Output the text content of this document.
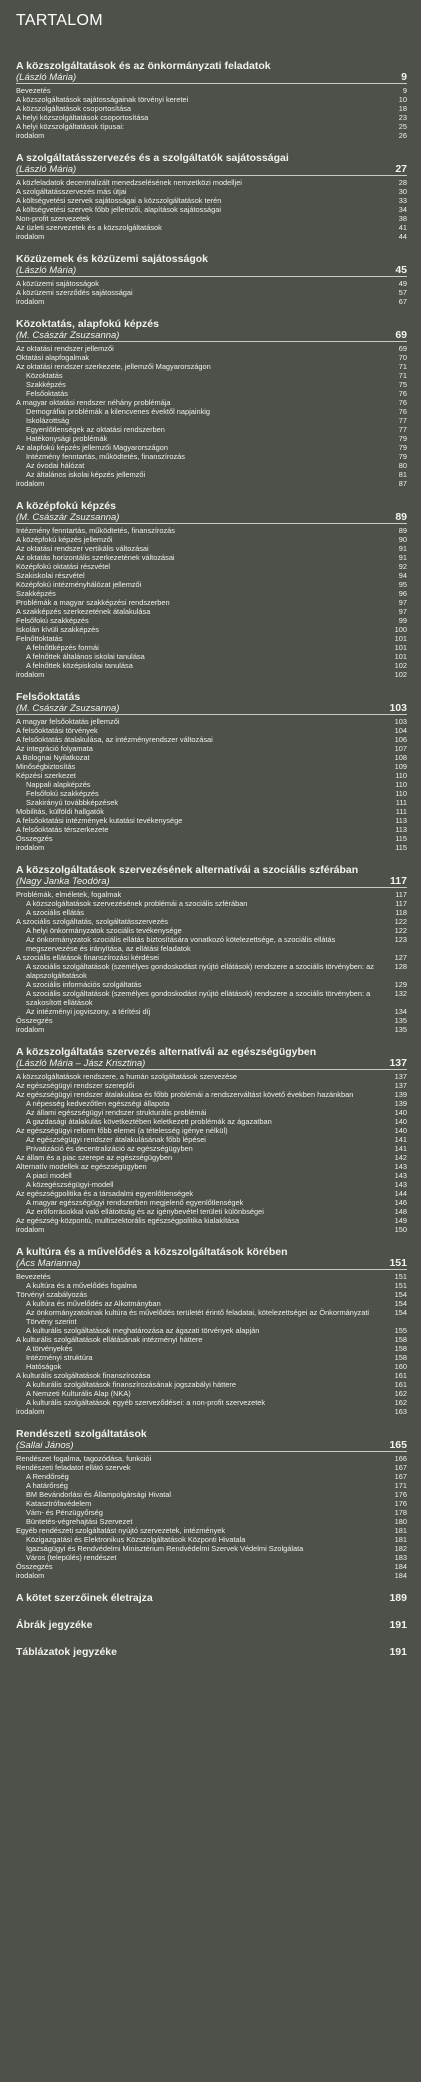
TARTALOM
A közszolgáltatások és az önkormányzati feladatok
(László Mária)	9
Bevezetés	9
A közszolgáltatások sajátosságainak törvényi keretei	10
A közszolgáltatások csoportosítása	18
A helyi közszolgáltatások csoportosítása	23
A helyi közszolgáltatások típusai:	25
irodalom	26
A szolgáltatásszervezés és a szolgáltatók sajátosságai
(László Mária)	27
A közfeladatok decentralizált menedzselésének nemzetközi modelljei	28
A szolgáltatásszervezés más útjai	30
A költségvetési szervek sajátosságai a közszolgáltatások terén	33
A költségvetési szervek főbb jellemzői, alapítások sajátosságai	34
Non-profit szervezetek	38
Az üzleti szervezetek és a közszolgáltatások	41
irodalom	44
Közüzemek és közüzemi sajátosságok
(László Mária)	45
A közüzemi sajátosságok	49
A közüzemi szerződés sajátosságai	57
irodalom	67
Közoktatás, alapfokú képzés
(M. Császár Zsuzsanna)	69
Az oktatási rendszer jellemzői	69
Oktatási alapfogalmak	70
Az oktatási rendszer szerkezete, jellemzői Magyarországon	71
Közoktatás	71
Szakképzés	75
Felsőoktatás	76
A magyar oktatási rendszer néhány problémája	76
Demográfiai problémák a kilencvenes évektől napjainkig	76
Iskolázottság	77
Egyenlőtlenségek az oktatási rendszerben	77
Hatékonysági problémák	79
Az alapfokú képzés jellemzői Magyarországon	79
Intézmény fenntartás, működtetés, finanszírozás	79
Az óvodai hálózat	80
Az általános iskolai képzés jellemzői	81
irodalom	87
A középfokú képzés
(M. Császár Zsuzsanna)	89
Intézmény fenntartás, működtetés, finanszírozás	89
A középfokú képzés jellemzői	90
Az oktatási rendszer vertikális változásai	91
Az oktatás horizontális szerkezetének változásai	91
Középfokú oktatási részvétel	92
Szakiskolai részvétel	94
Középfokú intézményhálózat jellemzői	95
Szakképzés	96
Problémák a magyar szakképzési rendszerben	97
A szakképzés szerkezetének átalakulása	97
Felsőfokú szakképzés	99
Iskolán kívüli szakképzés	100
Felnőttoktatás	101
A felnőttképzés formái	101
A felnőttek általános iskolai tanulása	101
A felnőttek középiskolai tanulása	102
irodalom	102
Felsőoktatás
(M. Császár Zsuzsanna)	103
A magyar felsőoktatás jellemzői	103
A felsőoktatási törvények	104
A felsőoktatás átalakulása, az intézményrendszer változásai	106
Az integráció folyamata	107
A Bolognai Nyilatkozat	108
Minőségbiztosítás	109
Képzési szerkezet	110
Nappali alapképzés	110
Felsőfokú szakképzés	110
Szakirányú továbbképzések	111
Mobilitás, külföldi hallgatók	111
A felsőoktatási intézmények kutatási tevékenysége	113
A felsőoktatás térszerkezete	113
Összegzés	115
irodalom	115
A közszolgáltatások szervezésének alternatívái a szociális szférában
(Nagy Janka Teodóra)	117
Problémák, elméletek, fogalmak	117
A közszolgáltatások szervezésének problémái a szociális szférában	117
A szociális ellátás	118
A szociális szolgáltatás, szolgáltatásszervezés	122
A helyi önkormányzatok szociális tevékenysége	122
Az önkormányzatok szociális ellátás biztosítására vonatkozó kötelezettsége, a szociális ellátás megszervezése és irányítása, az ellátási feladatok
123
A szociális ellátások finanszírozási kérdései	127
A szociális szolgáltatások (személyes gondoskodást nyújtó ellátások) rendszere a szociális törvényben: az alapszolgáltatások
128
A szociális információs szolgáltatás	129
A szociális szolgáltatások (személyes gondoskodást nyújtó ellátások) rendszere a szociális törvényben: a szakosított ellátások
132
Az intézményi jogviszony, a térítési díj	134
Összegzés	135
irodalom	135
A közszolgáltatás szervezés alternatívái az egészségügyben
(László Mária – Jász Krisztina)	137
A közszolgáltatások rendszere, a humán szolgáltatások szervezése	137
Az egészségügyi rendszer szereplői	137
Az egészségügyi rendszer átalakulása és főbb problémái a rendszerváltást követő években hazánkban	139
A népesség kedvezőtlen egészségi állapota	139
Az állami egészségügyi rendszer strukturális problémái	140
A gazdasági átalakulás következtében keletkezett problémák az ágazatban	140
Az egészségügyi reform főbb elemei (a tételesség igénye nélkül)	140
Az egészségügyi rendszer átalakulásának főbb lépései	141
Privatizáció és decentralizáció az egészségügyben	141
Az állam és a piac szerepe az egészségügyben	142
Alternatív modellek az egészségügyben	143
A piaci modell	143
A közegészségügyi-modell	143
Az egészségpolitika és a társadalmi egyenlőtlenségek	144
A magyar egészségügyi rendszerben megjelenő egyenlőtlenségek	146
Az erőforrásokkal való ellátottság és az igénybevétel területi különbségei	148
Az egészség-központú, multiszektorális egészségpolitika kialakítása	149
irodalom	150
A kultúra és a művelődés a közszolgáltatások körében
(Ács Marianna)	151
Bevezetés	151
A kultúra és a művelődés fogalma	151
Törvényi szabályozás	154
A kultúra és művelődés az Alkotmányban	154
Az önkormányzatoknak kultúra és művelődés területét érintő feladatai, kötelezettségei az Önkormányzati Törvény szerint
154
A kulturális szolgáltatások meghatározása az ágazati törvények alapján	155
A kulturális szolgáltatások ellátásának intézményi háttere	158
A törvényekés	158
Intézményi struktúra	158
Hatóságok	160
A kulturális szolgáltatások finanszírozása	161
A kulturális szolgáltatások finanszírozásának jogszabályi háttere	161
A Nemzeti Kulturális Alap (NKA)	162
A kulturális szolgáltatások egyéb szerveződései: a non-profit szervezetek	162
irodalom	163
Rendészeti szolgáltatások
(Sallai János)	165
Rendészet fogalma, tagozódása, funkciói	166
Rendészeti feladatot ellátó szervek	167
A Rendőrség	167
A határőrség	171
BM Bevándorlási és Állampolgársági Hivatal	176
Katasztrófavédelem	176
Vám- és Pénzügyőrség	178
Büntetés-végrehajtási Szervezet	180
Egyéb rendészeti szolgáltatást nyújtó szervezetek, intézmények	181
Közigazgatási és Elektronikus Közszolgáltatások Központi Hivatala	181
Igazságügyi és Rendvédelmi Minisztérium Rendvédelmi Szervek Védelmi Szolgálata	182
Város (település) rendészet	183
Összegzés	184
irodalom	184
A kötet szerzőinek életrajza	189
Ábrák jegyzéke	191
Táblázatok jegyzéke	191
